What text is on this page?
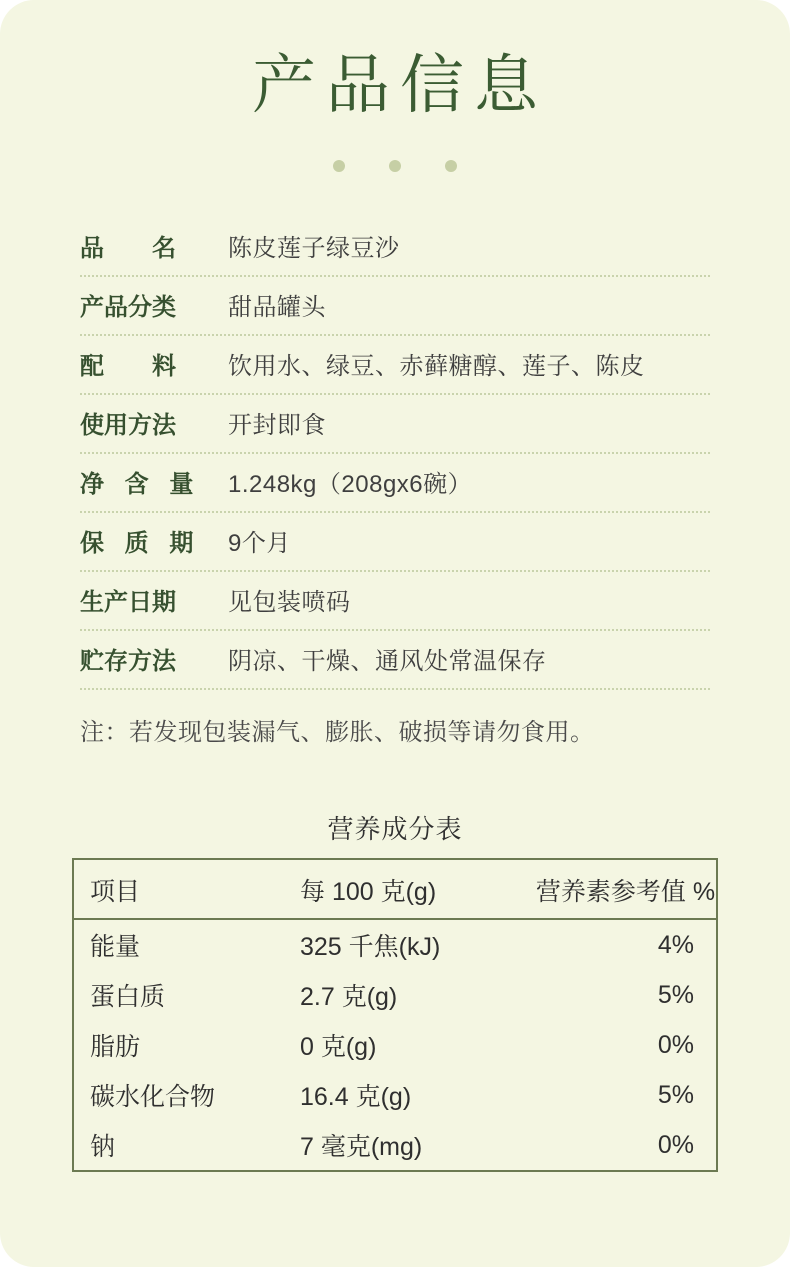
产品信息
品　　名	陈皮莲子绿豆沙
产品分类	甜品罐头
配　　料	饮用水、绿豆、赤藓糖醇、莲子、陈皮
使用方法	开封即食
净 含 量	1.248kg（208gx6碗）
保 质 期	9个月
生产日期	见包装喷码
贮存方法	阴凉、干燥、通风处常温保存
注：若发现包装漏气、膨胀、破损等请勿食用。
营养成分表
项目	每 100 克(g)	营养素参考值 %
能量	325 千焦(kJ)	4%
蛋白质	2.7 克(g)	5%
脂肪	0 克(g)	0%
碳水化合物	16.4 克(g)	5%
钠	7 毫克(mg)	0%
